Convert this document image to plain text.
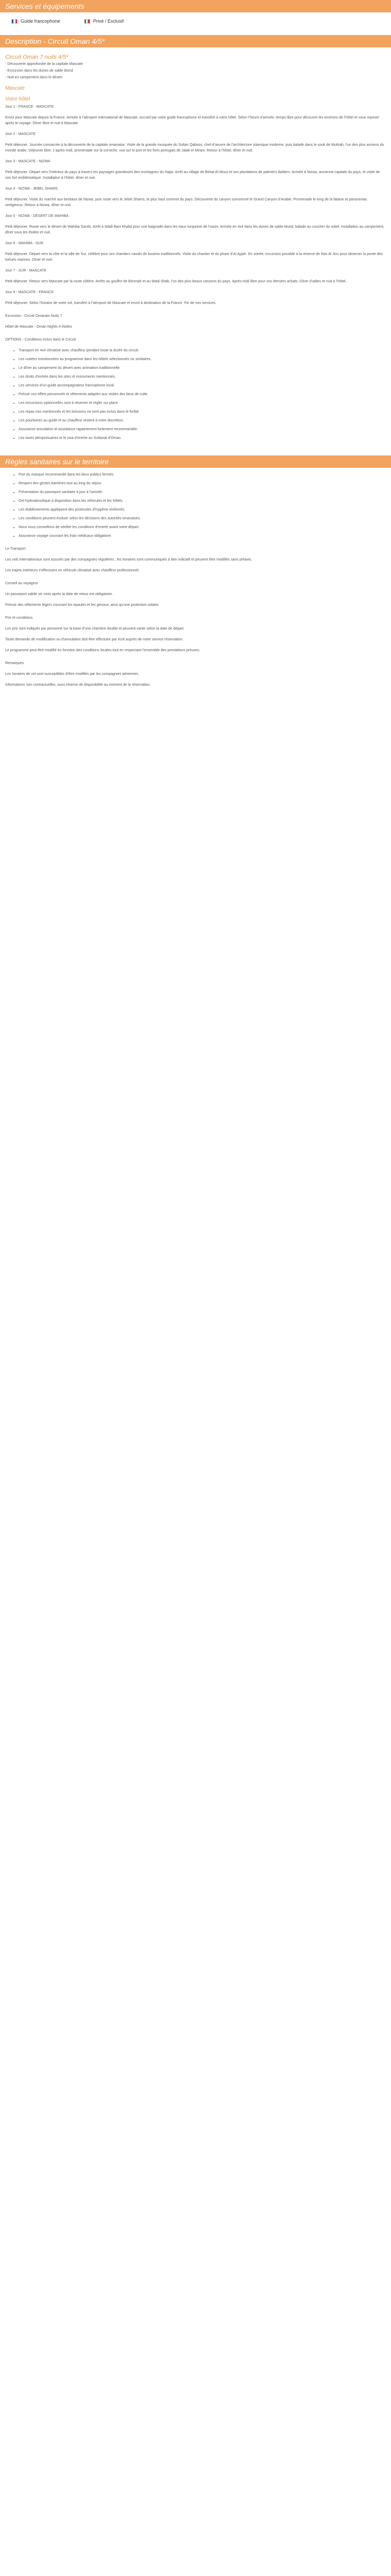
Services et équipements
Guide francophone	Privé / Exclusif
Description - Circuit Oman 4/5*
Circuit Oman 7 nuits 4/5*
- Découverte approfondie de la capitale Mascate
- Excursion dans les dunes de sable blond
- Nuit en campement dans le désert
Mascate
Votre hôtel

Jour 1 - FRANCE - MASCATE

Envol pour Mascate depuis la France. Arrivée à l’aéroport international de Mascate, accueil par votre guide francophone et transfert à votre hôtel. Selon l’heure d’arrivée, temps libre pour découvrir les environs de l’hôtel et vous reposer après le voyage. Dîner libre et nuit à Mascate.

Jour 2 - MASCATE

Petit déjeuner. Journée consacrée à la découverte de la capitale omanaise. Visite de la grande mosquée du Sultan Qaboos, chef-d’œuvre de l’architecture islamique moderne, puis balade dans le souk de Muttrah, l’un des plus anciens du monde arabe. Déjeuner libre. L’après-midi, promenade sur la corniche, vue sur le port et les forts portugais de Jalali et Mirani. Retour à l’hôtel, dîner et nuit.

Jour 3 - MASCATE - NIZWA

Petit déjeuner. Départ vers l’intérieur du pays à travers les paysages grandioses des montagnes du Hajar. Arrêt au village de Birkat Al Mouz et ses plantations de palmiers dattiers. Arrivée à Nizwa, ancienne capitale du pays, et visite de son fort emblématique. Installation à l’hôtel, dîner et nuit.

Jour 4 - NIZWA - JEBEL SHAMS

Petit déjeuner. Visite du marché aux bestiaux de Nizwa, puis route vers le Jebel Shams, le plus haut sommet du pays. Découverte du canyon surnommé le Grand Canyon d’Arabie. Promenade le long de la falaise et panoramas vertigineux. Retour à Nizwa, dîner et nuit.

Jour 5 - NIZWA - DÉSERT DE WAHIBA

Petit déjeuner. Route vers le désert de Wahiba Sands. Arrêt à Wadi Bani Khalid pour une baignade dans les eaux turquoise de l’oasis. Arrivée en 4x4 dans les dunes de sable blond, balade au coucher du soleil. Installation au campement, dîner sous les étoiles et nuit.

Jour 6 - WAHIBA - SUR

Petit déjeuner. Départ vers la côte et la ville de Sur, célèbre pour ses chantiers navals de boutres traditionnels. Visite du chantier et du phare d’Al Ayjah. En soirée, excursion possible à la réserve de Ras Al Jinz pour observer la ponte des tortues marines. Dîner et nuit.

Jour 7 - SUR - MASCATE

Petit déjeuner. Retour vers Mascate par la route côtière. Arrêts au gouffre de Bimmah et au Wadi Shab, l’un des plus beaux canyons du pays. Après-midi libre pour vos derniers achats. Dîner d’adieu et nuit à l’hôtel.

Jour 8 - MASCATE - FRANCE

Petit déjeuner. Selon l’horaire de votre vol, transfert à l’aéroport de Mascate et envol à destination de la France. Fin de nos services.

Excursion - Circuit Omanais Nuits 7

Hôtel de Mascate - Oman Nights 4 étoiles

OPTIONS - Conditions inclus dans le Circuit

• Transport en 4x4 climatisé avec chauffeur pendant toute la durée du circuit.
• Les nuitées mentionnées au programme dans les hôtels sélectionnés ou similaires.
• Le dîner au campement du désert avec animation traditionnelle.
• Les droits d’entrée dans les sites et monuments mentionnés.
• Les services d’un guide accompagnateur francophone local.
• Prévoir vos effets personnels et vêtements adaptés aux visites des lieux de culte.
• Les excursions optionnelles sont à réserver et régler sur place.
• Les repas non mentionnés et les boissons ne sont pas inclus dans le forfait.
• Les pourboires au guide et au chauffeur restent à votre discrétion.
• Assurance annulation et assistance rapatriement fortement recommandée.
• Les taxes aéroportuaires et le visa d’entrée au Sultanat d’Oman.
Règles sanitaires sur le territoire
• Port du masque recommandé dans les lieux publics fermés.
• Respect des gestes barrières tout au long du séjour.
• Présentation du passeport sanitaire à jour à l’arrivée.
• Gel hydroalcoolique à disposition dans les véhicules et les hôtels.
• Les établissements appliquent des protocoles d’hygiène renforcés.
• Les conditions peuvent évoluer selon les décisions des autorités omanaises.
• Nous vous conseillons de vérifier les conditions d’entrée avant votre départ.
• Assurance voyage couvrant les frais médicaux obligatoire.

Le Transport

Les vols internationaux sont assurés par des compagnies régulières ; les horaires sont communiqués à titre indicatif et peuvent être modifiés sans préavis.

Les trajets intérieurs s’effectuent en véhicule climatisé avec chauffeur professionnel.

Conseil au voyageur

Un passeport valide six mois après la date de retour est obligatoire.

Prévoir des vêtements légers couvrant les épaules et les genoux, ainsi qu’une protection solaire.

Prix et conditions

Les prix sont indiqués par personne sur la base d’une chambre double et peuvent varier selon la date de départ.

Toute demande de modification ou d’annulation doit être effectuée par écrit auprès de notre service réservation.

Le programme peut être modifié en fonction des conditions locales tout en respectant l’ensemble des prestations prévues.

Remarques

Les horaires de vol sont susceptibles d’être modifiés par les compagnies aériennes.

Informations non contractuelles, sous réserve de disponibilité au moment de la réservation.
